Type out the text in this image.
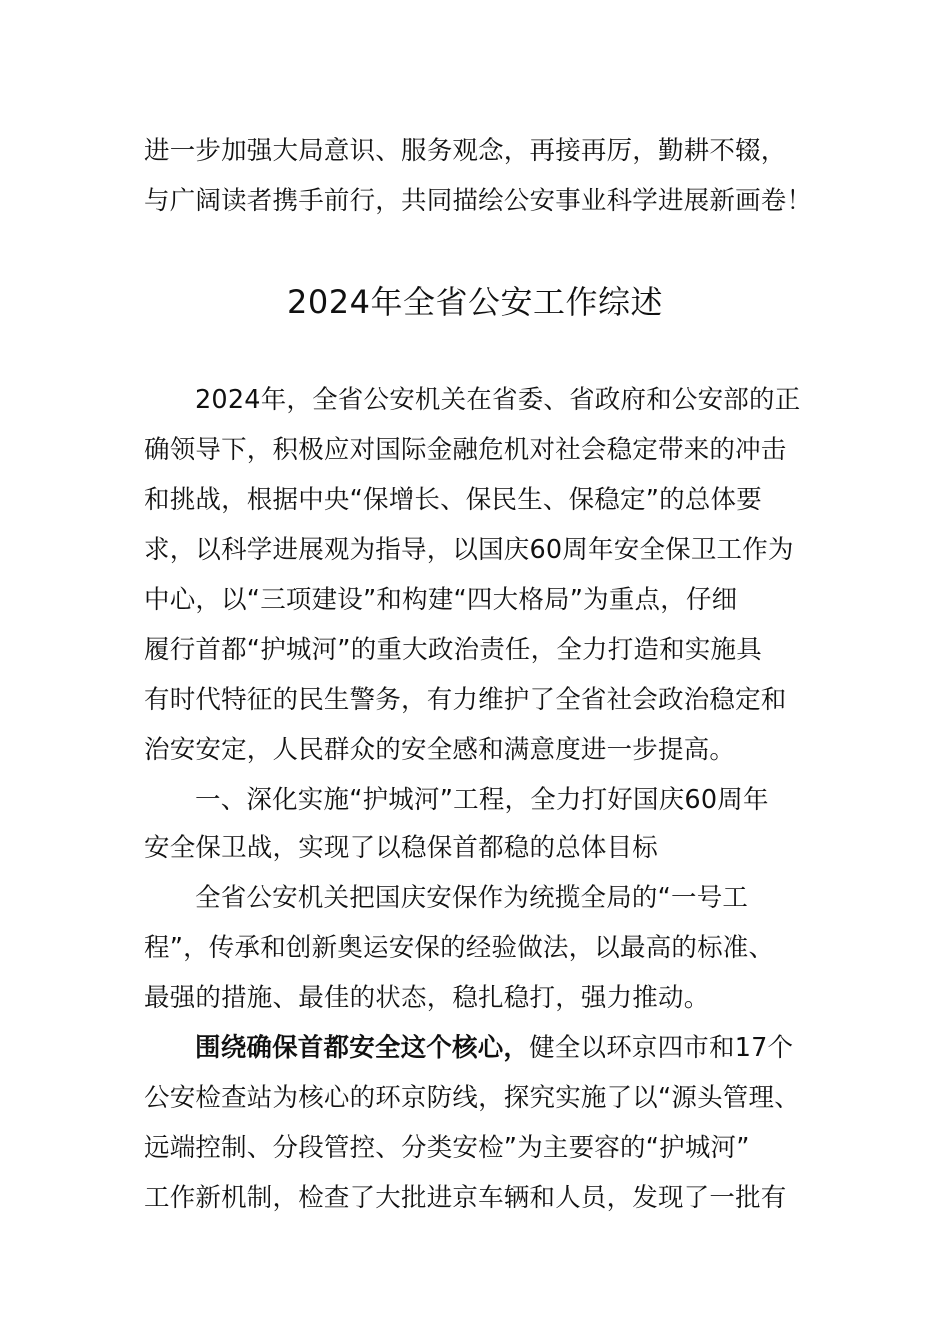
进一步加强大局意识、服务观念，再接再厉，勤耕不辍，
与广阔读者携手前行，共同描绘公安事业科学进展新画卷！
2024年全省公安工作综述
2024年，全省公安机关在省委、省政府和公安部的正
确领导下，积极应对国际金融危机对社会稳定带来的冲击
和挑战，根据中央“保增长、保民生、保稳定”的总体要
求，以科学进展观为指导，以国庆60周年安全保卫工作为
中心，以“三项建设”和构建“四大格局”为重点，仔细
履行首都“护城河”的重大政治责任，全力打造和实施具
有时代特征的民生警务，有力维护了全省社会政治稳定和
治安安定，人民群众的安全感和满意度进一步提高。
一、深化实施“护城河”工程，全力打好国庆60周年
安全保卫战，实现了以稳保首都稳的总体目标
全省公安机关把国庆安保作为统揽全局的“一号工
程”，传承和创新奥运安保的经验做法，以最高的标准、
最强的措施、最佳的状态，稳扎稳打，强力推动。
围绕确保首都安全这个核心，健全以环京四市和17个
公安检查站为核心的环京防线，探究实施了以“源头管理、
远端控制、分段管控、分类安检”为主要容的“护城河”
工作新机制，检查了大批进京车辆和人员，发现了一批有
